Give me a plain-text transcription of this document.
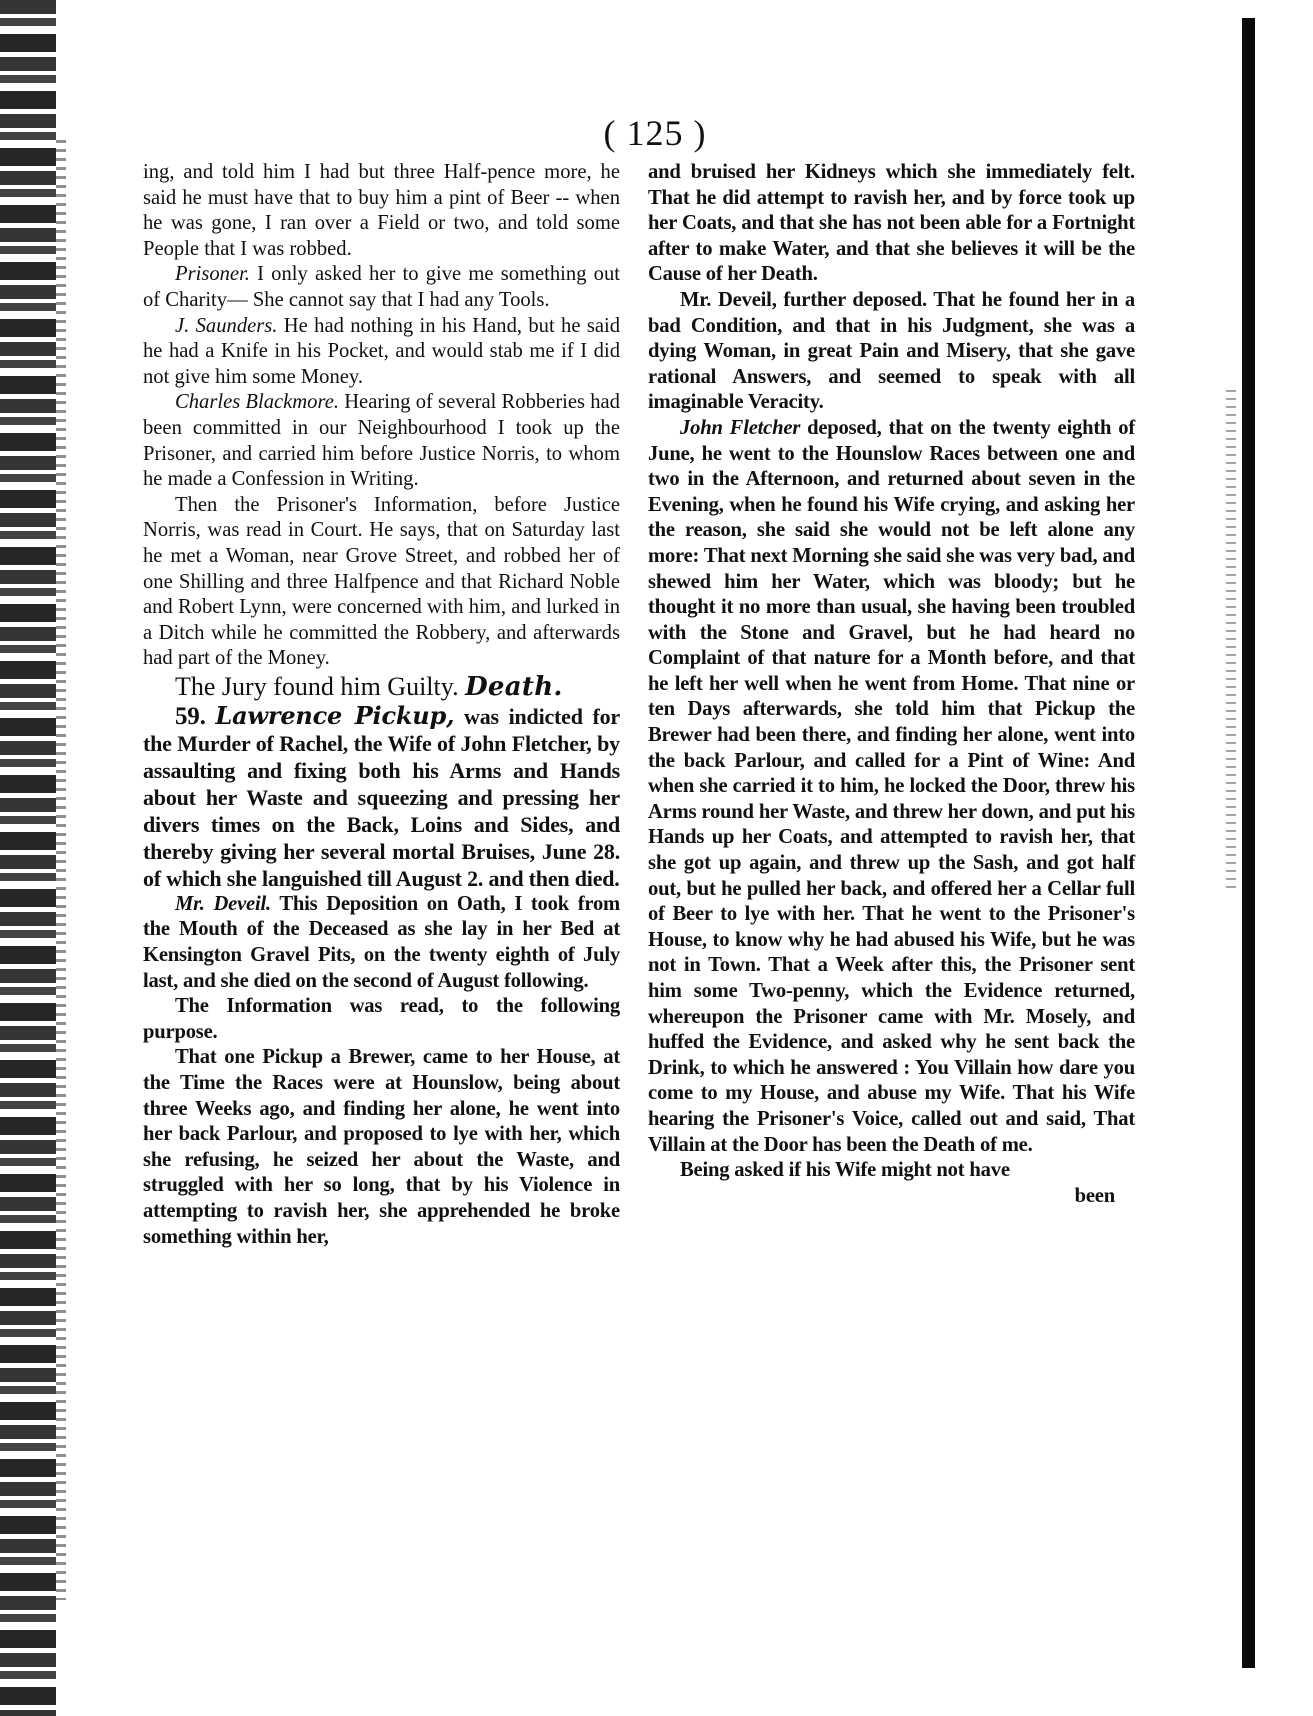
( 125 )

ing, and told him I had but three Half-pence more, he said he must have that to buy him a pint of Beer -- when he was gone, I ran over a Field or two, and told some People that I was robbed.

Prisoner. I only asked her to give me something out of Charity— She cannot say that I had any Tools.

J. Saunders. He had nothing in his Hand, but he said he had a Knife in his Pocket, and would stab me if I did not give him some Money.

Charles Blackmore. Hearing of several Robberies had been committed in our Neighbourhood I took up the Prisoner, and carried him before Justice Norris, to whom he made a Confession in Writing.

Then the Prisoner's Information, before Justice Norris, was read in Court. He says, that on Saturday last he met a Woman, near Grove Street, and robbed her of one Shilling and three Halfpence and that Richard Noble and Robert Lynn, were concerned with him, and lurked in a Ditch while he committed the Robbery, and afterwards had part of the Money.

The Jury found him Guilty. Death.

59. Lawrence Pickup, was indicted for the Murder of Rachel, the Wife of John Fletcher, by assaulting and fixing both his Arms and Hands about her Waste and squeezing and pressing her divers times on the Back, Loins and Sides, and thereby giving her several mortal Bruises, June 28. of which she languished till August 2. and then died.

Mr. Deveil. This Deposition on Oath, I took from the Mouth of the Deceased as she lay in her Bed at Kensington Gravel Pits, on the twenty eighth of July last, and she died on the second of August following.

The Information was read, to the following purpose.

That one Pickup a Brewer, came to her House, at the Time the Races were at Hounslow, being about three Weeks ago, and finding her alone, he went into her back Parlour, and proposed to lye with her, which she refusing, he seized her about the Waste, and struggled with her so long, that by his Violence in attempting to ravish her, she apprehended he broke something within her,

and bruised her Kidneys which she immediately felt. That he did attempt to ravish her, and by force took up her Coats, and that she has not been able for a Fortnight after to make Water, and that she believes it will be the Cause of her Death.

Mr. Deveil, further deposed. That he found her in a bad Condition, and that in his Judgment, she was a dying Woman, in great Pain and Misery, that she gave rational Answers, and seemed to speak with all imaginable Veracity.

John Fletcher deposed, that on the twenty eighth of June, he went to the Hounslow Races between one and two in the Afternoon, and returned about seven in the Evening, when he found his Wife crying, and asking her the reason, she said she would not be left alone any more: That next Morning she said she was very bad, and shewed him her Water, which was bloody; but he thought it no more than usual, she having been troubled with the Stone and Gravel, but he had heard no Complaint of that nature for a Month before, and that he left her well when he went from Home. That nine or ten Days afterwards, she told him that Pickup the Brewer had been there, and finding her alone, went into the back Parlour, and called for a Pint of Wine: And when she carried it to him, he locked the Door, threw his Arms round her Waste, and threw her down, and put his Hands up her Coats, and attempted to ravish her, that she got up again, and threw up the Sash, and got half out, but he pulled her back, and offered her a Cellar full of Beer to lye with her. That he went to the Prisoner's House, to know why he had abused his Wife, but he was not in Town. That a Week after this, the Prisoner sent him some Two-penny, which the Evidence returned, whereupon the Prisoner came with Mr. Mosely, and huffed the Evidence, and asked why he sent back the Drink, to which he answered : You Villain how dare you come to my House, and abuse my Wife. That his Wife hearing the Prisoner's Voice, called out and said, That Villain at the Door has been the Death of me.

Being asked if his Wife might not have

been
